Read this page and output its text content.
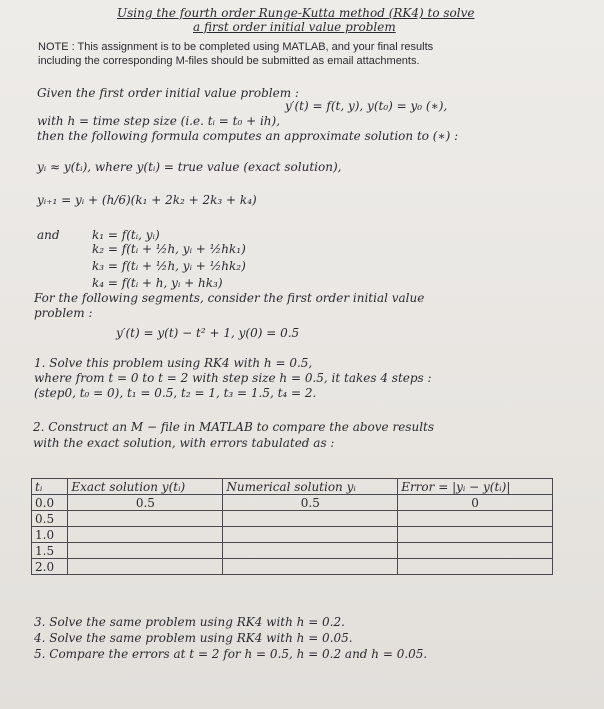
Using the fourth order Runge-Kutta method (RK4) to solve
a first order initial value problem
NOTE : This assignment is to be completed using MATLAB, and your final results
including the corresponding M-files should be submitted as email attachments.
Given the first order initial value problem :
y′(t) = f(t, y), y(t₀) = y₀ (∗),
with h = time step size (i.e. tᵢ = t₀ + ih),
then the following formula computes an approximate solution to (∗) :
yᵢ ≈ y(tᵢ), where y(tᵢ) = true value (exact solution),
yᵢ₊₁ = yᵢ + (h/6)(k₁ + 2k₂ + 2k₃ + k₄)
and	k₁ = f(tᵢ, yᵢ)
k₂ = f(tᵢ + ½h, yᵢ + ½hk₁)
k₃ = f(tᵢ + ½h, yᵢ + ½hk₂)
k₄ = f(tᵢ + h, yᵢ + hk₃)
For the following segments, consider the first order initial value
problem :
y′(t) = y(t) − t² + 1, y(0) = 0.5
1. Solve this problem using RK4 with h = 0.5,
where from t = 0 to t = 2 with step size h = 0.5, it takes 4 steps :
(step0, t₀ = 0), t₁ = 0.5, t₂ = 1, t₃ = 1.5, t₄ = 2.
2. Construct an M − file in MATLAB to compare the above results
with the exact solution, with errors tabulated as :
tᵢ	Exact solution y(tᵢ)	Numerical solution yᵢ	Error = |yᵢ − y(tᵢ)|
0.0	0.5	0.5	0
0.5			
1.0			
1.5			
2.0			
3. Solve the same problem using RK4 with h = 0.2.
4. Solve the same problem using RK4 with h = 0.05.
5. Compare the errors at t = 2 for h = 0.5, h = 0.2 and h = 0.05.
